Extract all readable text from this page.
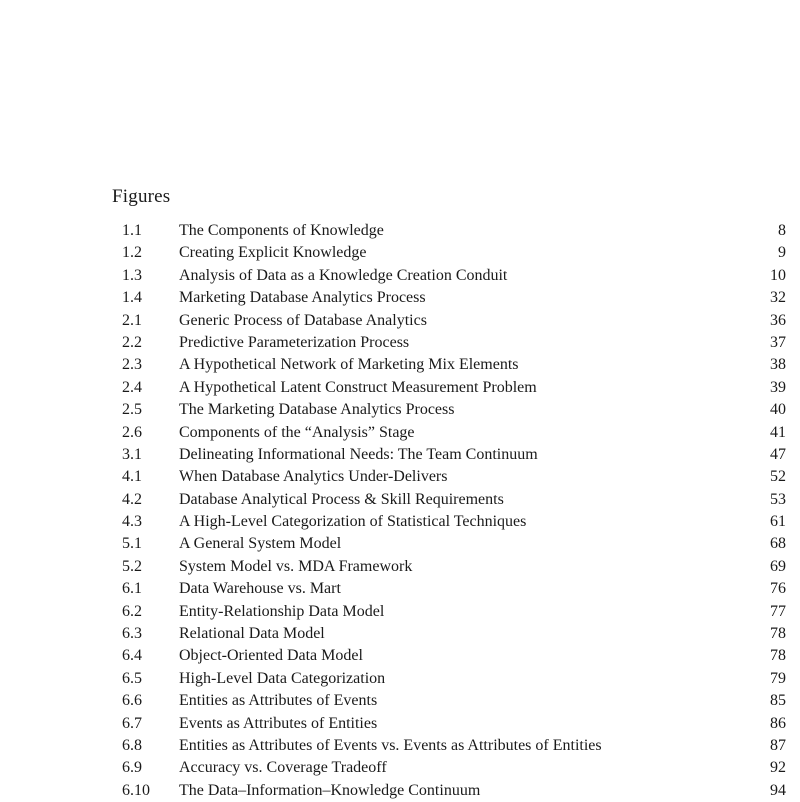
Figures
1.1 The Components of Knowledge	8
1.2 Creating Explicit Knowledge	9
1.3 Analysis of Data as a Knowledge Creation Conduit	10
1.4 Marketing Database Analytics Process	32
2.1 Generic Process of Database Analytics	36
2.2 Predictive Parameterization Process	37
2.3 A Hypothetical Network of Marketing Mix Elements	38
2.4 A Hypothetical Latent Construct Measurement Problem	39
2.5 The Marketing Database Analytics Process	40
2.6 Components of the “Analysis” Stage	41
3.1 Delineating Informational Needs: The Team Continuum	47
4.1 When Database Analytics Under-Delivers	52
4.2 Database Analytical Process & Skill Requirements	53
4.3 A High-Level Categorization of Statistical Techniques	61
5.1 A General System Model	68
5.2 System Model vs. MDA Framework	69
6.1 Data Warehouse vs. Mart	76
6.2 Entity-Relationship Data Model	77
6.3 Relational Data Model	78
6.4 Object-Oriented Data Model	78
6.5 High-Level Data Categorization	79
6.6 Entities as Attributes of Events	85
6.7 Events as Attributes of Entities	86
6.8 Entities as Attributes of Events vs. Events as Attributes of Entities	87
6.9 Accuracy vs. Coverage Tradeoff	92
6.10 The Data–Information–Knowledge Continuum	94
